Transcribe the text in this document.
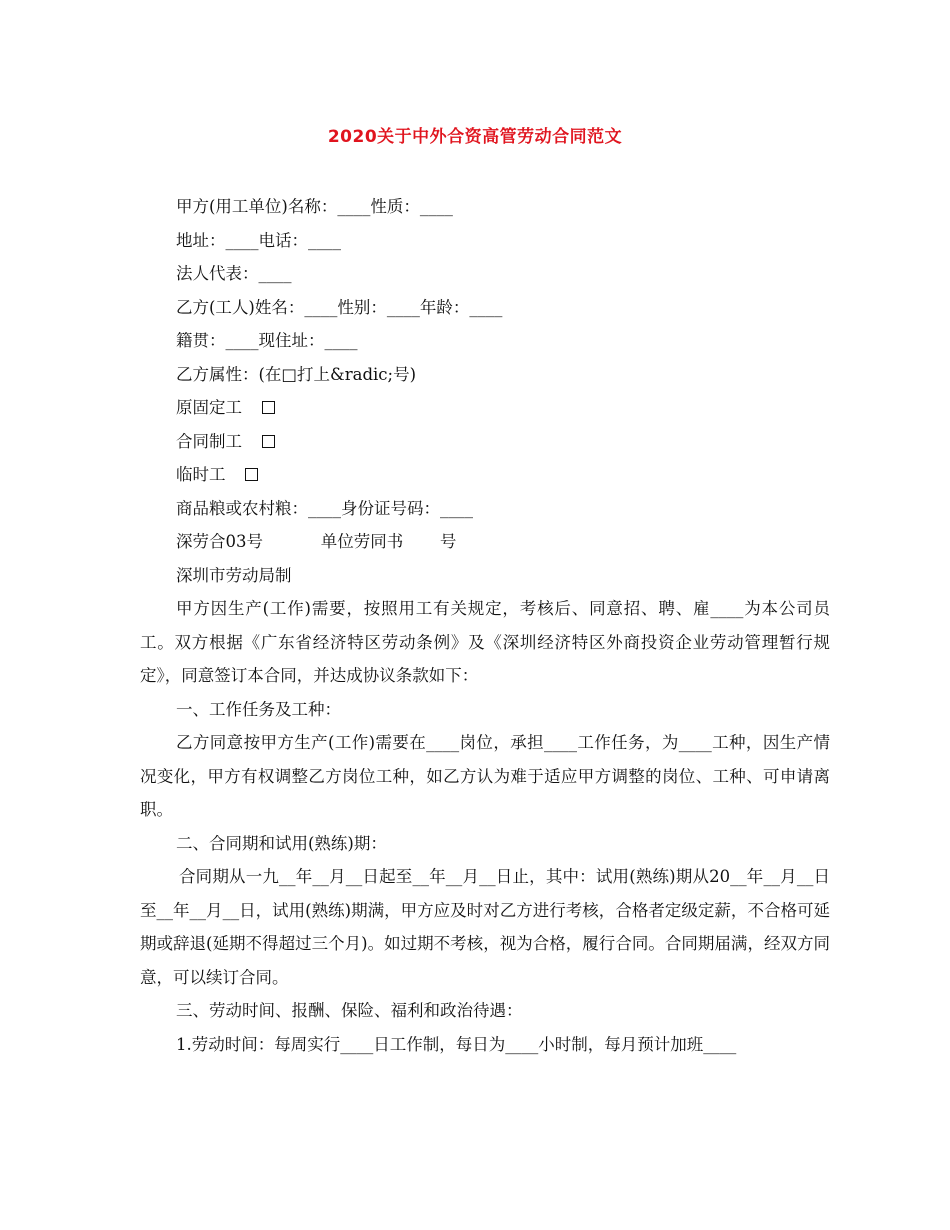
2020关于中外合资高管劳动合同范文

甲方(用工单位)名称：____性质：____

地址：____电话：____

法人代表：____

乙方(工人)姓名：____性别：____年龄：____

籍贯：____现住址：____

乙方属性：(在□打上&radic;号)

原固定工
合同制工
临时工

商品粮或农村粮：____身份证号码：____

深劳合03号           单位劳同书       号

深圳市劳动局制

甲方因生产(工作)需要，按照用工有关规定，考核后、同意招、聘、雇____为本公司员工。双方根据《广东省经济特区劳动条例》及《深圳经济特区外商投资企业劳动管理暂行规定》，同意签订本合同，并达成协议条款如下：

一、工作任务及工种：

乙方同意按甲方生产(工作)需要在____岗位，承担____工作任务，为____工种，因生产情况变化，甲方有权调整乙方岗位工种，如乙方认为难于适应甲方调整的岗位、工种、可申请离职。

二、合同期和试用(熟练)期：

合同期从一九__年__月__日起至__年__月__日止，其中：试用(熟练)期从20__年__月__日至__年__月__日，试用(熟练)期满，甲方应及时对乙方进行考核，合格者定级定薪，不合格可延期或辞退(延期不得超过三个月)。如过期不考核，视为合格，履行合同。合同期届满，经双方同意，可以续订合同。

三、劳动时间、报酬、保险、福利和政治待遇：

1.劳动时间：每周实行____日工作制，每日为____小时制，每月预计加班____
